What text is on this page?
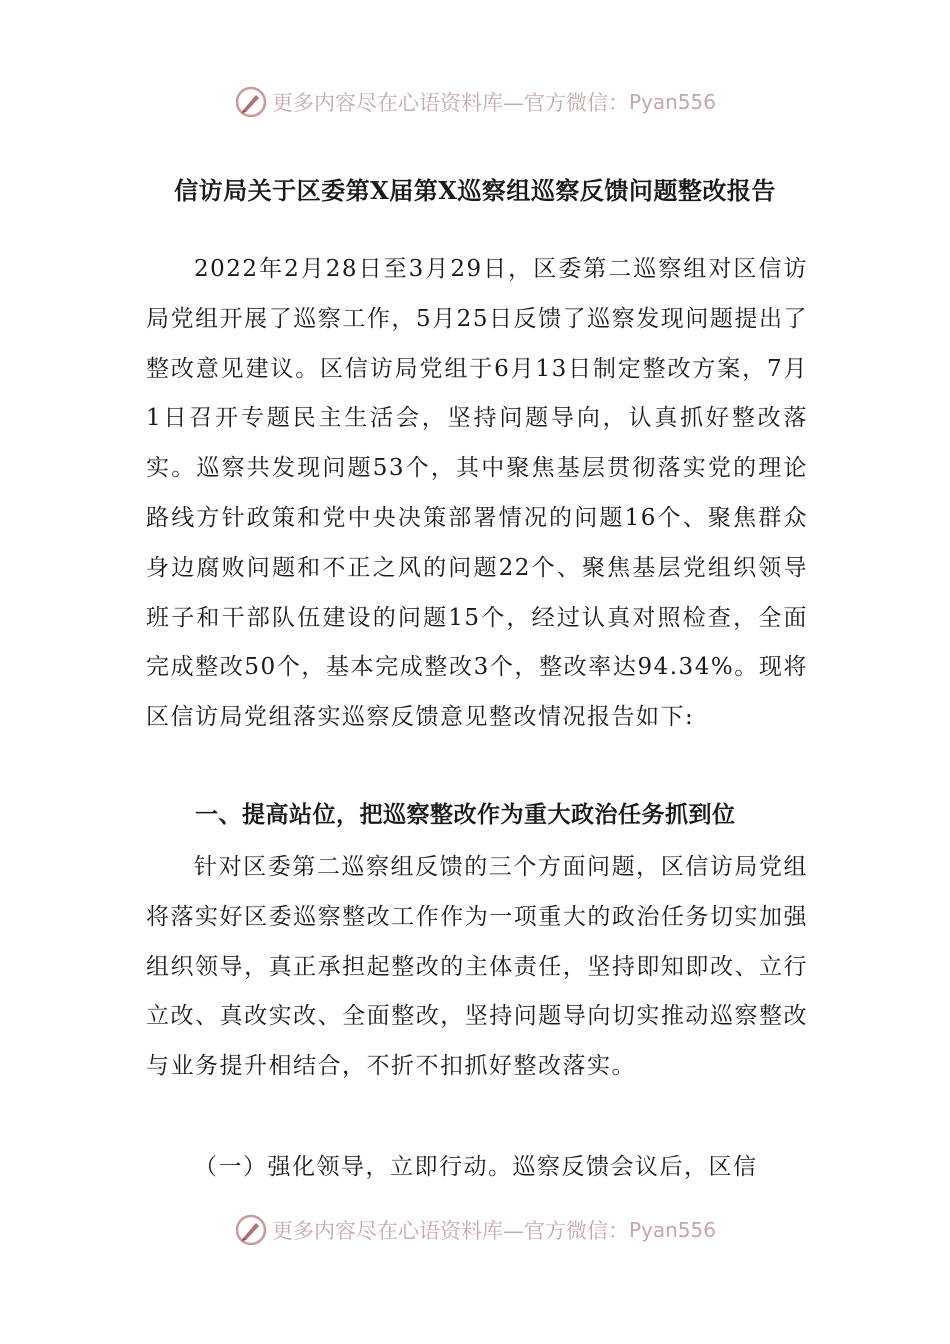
更多内容尽在心语资料库—官方微信： Pyan556
信访局关于区委第X届第X巡察组巡察反馈问题整改报告

2022年2月28日至3月29日，区委第二巡察组对区信访局党组开展了巡察工作，5月25日反馈了巡察发现问题提出了整改意见建议。区信访局党组于6月13日制定整改方案，7月1日召开专题民主生活会，坚持问题导向，认真抓好整改落实。巡察共发现问题53个，其中聚焦基层贯彻落实党的理论路线方针政策和党中央决策部署情况的问题16个、聚焦群众身边腐败问题和不正之风的问题22个、聚焦基层党组织领导班子和干部队伍建设的问题15个，经过认真对照检查，全面完成整改50个，基本完成整改3个，整改率达94.34%。现将区信访局党组落实巡察反馈意见整改情况报告如下:

一、提高站位，把巡察整改作为重大政治任务抓到位

针对区委第二巡察组反馈的三个方面问题，区信访局党组将落实好区委巡察整改工作作为一项重大的政治任务切实加强组织领导，真正承担起整改的主体责任，坚持即知即改、立行立改、真改实改、全面整改，坚持问题导向切实推动巡察整改与业务提升相结合，不折不扣抓好整改落实。

（一）强化领导，立即行动。巡察反馈会议后，区信

更多内容尽在心语资料库—官方微信： Pyan556
